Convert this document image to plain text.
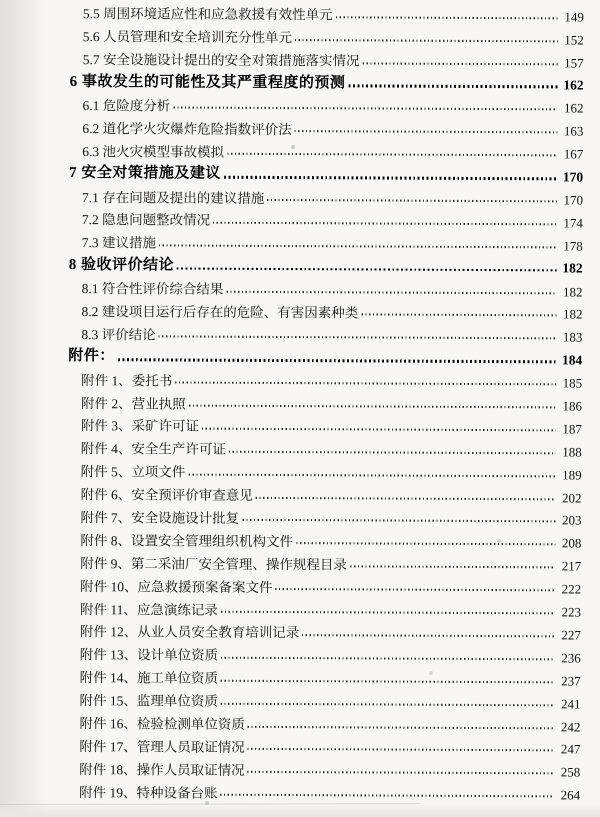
5.5 周围环境适应性和应急救援有效性单元	149
5.6 人员管理和安全培训充分性单元	152
5.7 安全设施设计提出的安全对策措施落实情况	157
6 事故发生的可能性及其严重程度的预测	162
6.1 危险度分析	162
6.2 道化学火灾爆炸危险指数评价法	163
6.3 池火灾模型事故模拟	167
7 安全对策措施及建议	170
7.1 存在问题及提出的建议措施	170
7.2 隐患问题整改情况	174
7.3 建议措施	178
8 验收评价结论	182
8.1 符合性评价综合结果	182
8.2 建设项目运行后存在的危险、有害因素种类	182
8.3 评价结论	183
附件：	184
附件 1、委托书	185
附件 2、营业执照	186
附件 3、采矿许可证	187
附件 4、安全生产许可证	188
附件 5、立项文件	189
附件 6、安全预评价审查意见	202
附件 7、安全设施设计批复	203
附件 8、设置安全管理组织机构文件	208
附件 9、第二采油厂安全管理、操作规程目录	217
附件 10、应急救援预案备案文件	222
附件 11、应急演练记录	223
附件 12、从业人员安全教育培训记录	227
附件 13、设计单位资质	236
附件 14、施工单位资质	237
附件 15、监理单位资质	241
附件 16、检验检测单位资质	242
附件 17、管理人员取证情况	247
附件 18、操作人员取证情况	258
附件 19、特种设备台账	264
